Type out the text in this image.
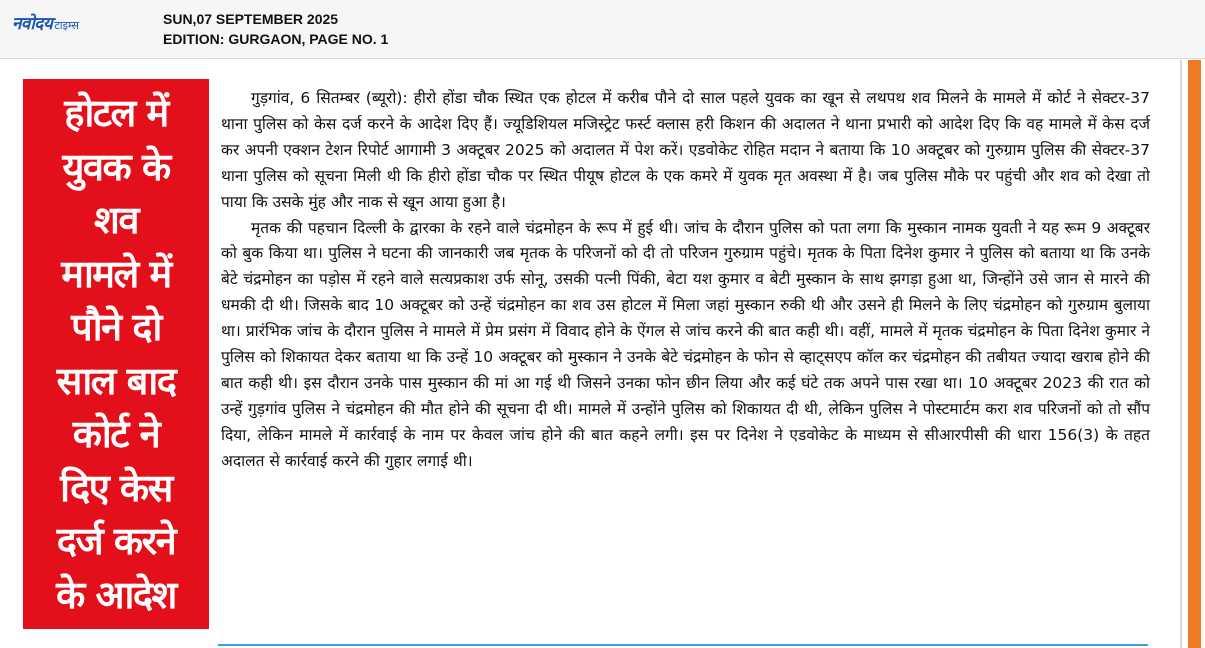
नवोदय टाइम्स	SUN,07 SEPTEMBER 2025
EDITION: GURGAON, PAGE NO. 1
होटल में
युवक के
शव
मामले में
पौने दो
साल बाद
कोर्ट ने
दिए केस
दर्ज करने
के आदेश

गुड़गांव, 6 सितम्बर (ब्यूरो): हीरो होंडा चौक स्थित एक होटल में करीब पौने दो साल पहले युवक का खून से लथपथ शव मिलने के मामले में कोर्ट ने सेक्टर-37 थाना पुलिस को केस दर्ज करने के आदेश दिए हैं। ज्यूडिशियल मजिस्ट्रेट फर्स्ट क्लास हरी किशन की अदालत ने थाना प्रभारी को आदेश दिए कि वह मामले में केस दर्ज कर अपनी एक्शन टेशन रिपोर्ट आगामी 3 अक्टूबर 2025 को अदालत में पेश करें। एडवोकेट रोहित मदान ने बताया कि 10 अक्टूबर को गुरुग्राम पुलिस की सेक्टर-37 थाना पुलिस को सूचना मिली थी कि हीरो होंडा चौक पर स्थित पीयूष होटल के एक कमरे में युवक मृत अवस्था में है। जब पुलिस मौके पर पहुंची और शव को देखा तो पाया कि उसके मुंह और नाक से खून आया हुआ है।

मृतक की पहचान दिल्ली के द्वारका के रहने वाले चंद्रमोहन के रूप में हुई थी। जांच के दौरान पुलिस को पता लगा कि मुस्कान नामक युवती ने यह रूम 9 अक्टूबर को बुक किया था। पुलिस ने घटना की जानकारी जब मृतक के परिजनों को दी तो परिजन गुरुग्राम पहुंचे। मृतक के पिता दिनेश कुमार ने पुलिस को बताया था कि उनके बेटे चंद्रमोहन का पड़ोस में रहने वाले सत्यप्रकाश उर्फ सोनू, उसकी पत्नी पिंकी, बेटा यश कुमार व बेटी मुस्कान के साथ झगड़ा हुआ था, जिन्होंने उसे जान से मारने की धमकी दी थी। जिसके बाद 10 अक्टूबर को उन्हें चंद्रमोहन का शव उस होटल में मिला जहां मुस्कान रुकी थी और उसने ही मिलने के लिए चंद्रमोहन को गुरुग्राम बुलाया था। प्रारंभिक जांच के दौरान पुलिस ने मामले में प्रेम प्रसंग में विवाद होने के ऐंगल से जांच करने की बात कही थी। वहीं, मामले में मृतक चंद्रमोहन के पिता दिनेश कुमार ने पुलिस को शिकायत देकर बताया था कि उन्हें 10 अक्टूबर को मुस्कान ने उनके बेटे चंद्रमोहन के फोन से व्हाट्सएप कॉल कर चंद्रमोहन की तबीयत ज्यादा खराब होने की बात कही थी। इस दौरान उनके पास मुस्कान की मां आ गई थी जिसने उनका फोन छीन लिया और कई घंटे तक अपने पास रखा था। 10 अक्टूबर 2023 की रात को उन्हें गुड़गांव पुलिस ने चंद्रमोहन की मौत होने की सूचना दी थी। मामले में उन्होंने पुलिस को शिकायत दी थी, लेकिन पुलिस ने पोस्टमार्टम करा शव परिजनों को तो सौंप दिया, लेकिन मामले में कार्रवाई के नाम पर केवल जांच होने की बात कहने लगी। इस पर दिनेश ने एडवोकेट के माध्यम से सीआरपीसी की धारा 156(3) के तहत अदालत से कार्रवाई करने की गुहार लगाई थी।
